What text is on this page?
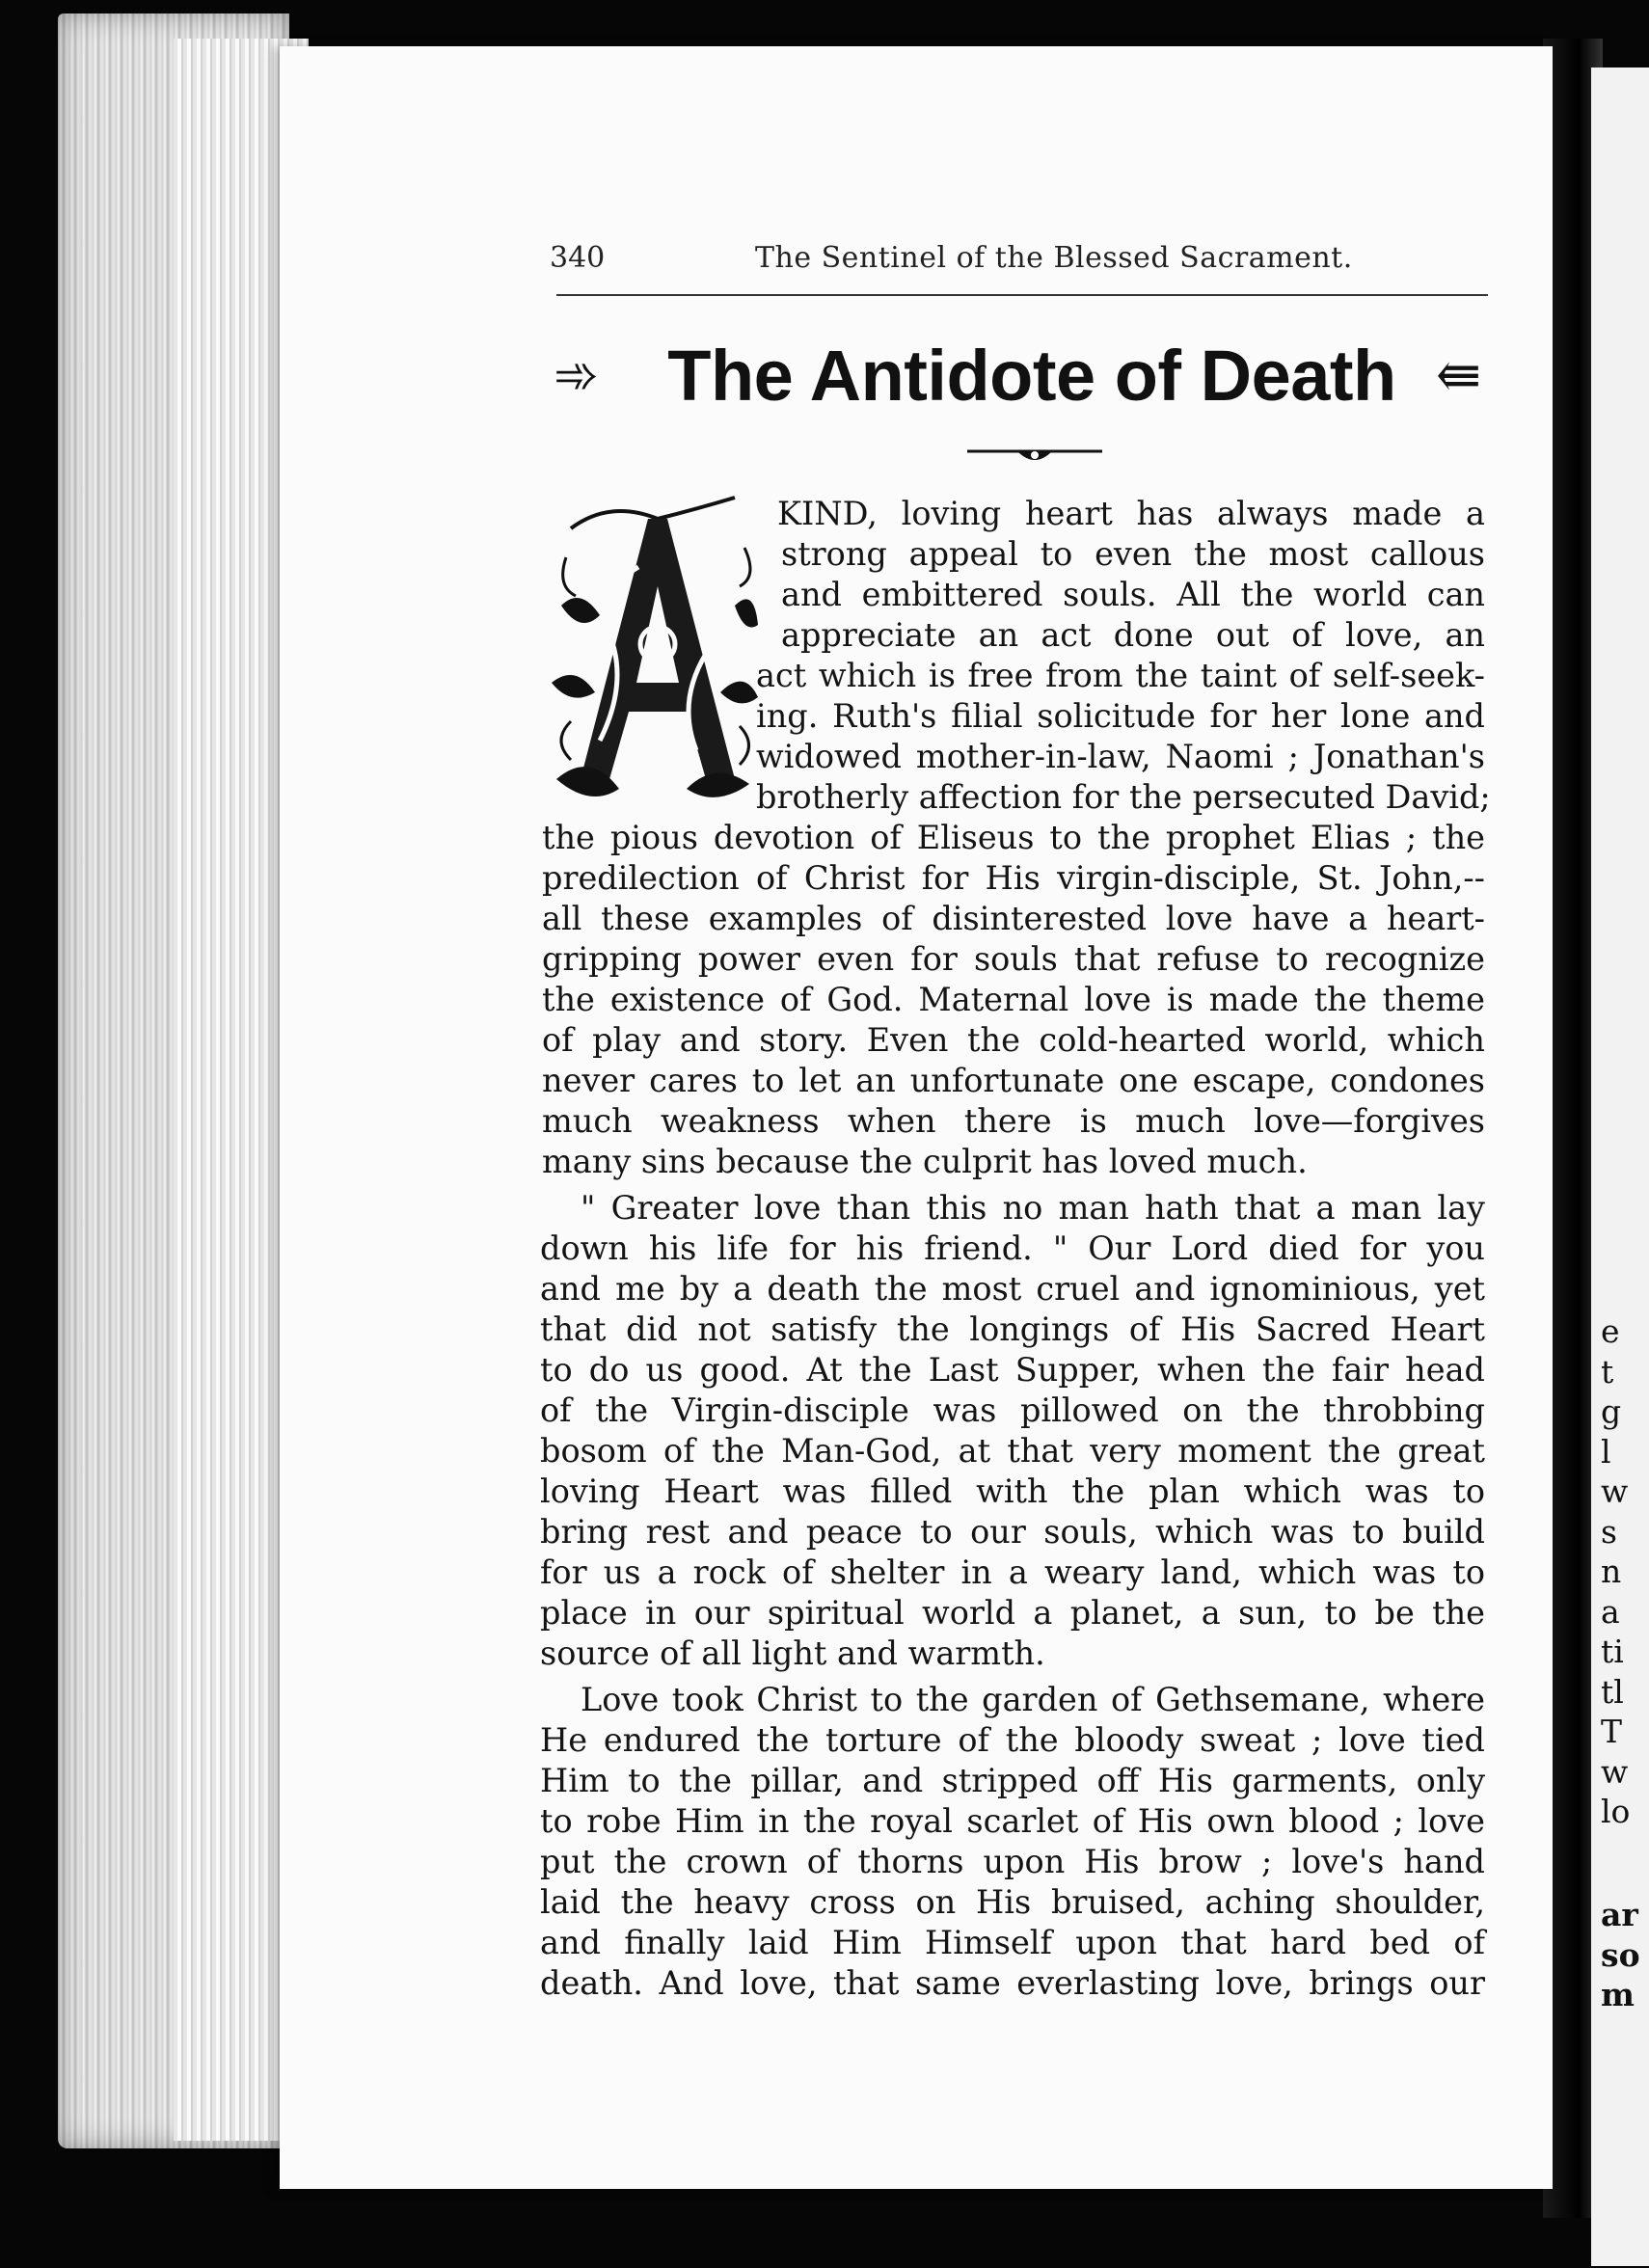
e
t
g
l
w
s
n
a
ti
tl
T
w
lo
ar
so
m
340	The Sentinel of the Blessed Sacrament.
➾ The Antidote of Death ⇚
KIND, loving heart has always made a
strong appeal to even the most callous
and embittered souls. All the world can
appreciate an act done out of love, an
act which is free from the taint of self-seek-
ing. Ruth's filial solicitude for her lone and
widowed mother-in-law, Naomi ; Jonathan's
brotherly affection for the persecuted David;
the pious devotion of Eliseus to the prophet Elias ; the
predilection of Christ for His virgin-disciple, St. John,--
all these examples of disinterested love have a heart-
gripping power even for souls that refuse to recognize
the existence of God. Maternal love is made the theme
of play and story. Even the cold-hearted world, which
never cares to let an unfortunate one escape, condones
much weakness when there is much love—forgives
many sins because the culprit has loved much.
" Greater love than this no man hath that a man lay
down his life for his friend. " Our Lord died for you
and me by a death the most cruel and ignominious, yet
that did not satisfy the longings of His Sacred Heart
to do us good. At the Last Supper, when the fair head
of the Virgin-disciple was pillowed on the throbbing
bosom of the Man-God, at that very moment the great
loving Heart was filled with the plan which was to
bring rest and peace to our souls, which was to build
for us a rock of shelter in a weary land, which was to
place in our spiritual world a planet, a sun, to be the
source of all light and warmth.
Love took Christ to the garden of Gethsemane, where
He endured the torture of the bloody sweat ; love tied
Him to the pillar, and stripped off His garments, only
to robe Him in the royal scarlet of His own blood ; love
put the crown of thorns upon His brow ; love's hand
laid the heavy cross on His bruised, aching shoulder,
and finally laid Him Himself upon that hard bed of
death. And love, that same everlasting love, brings our
